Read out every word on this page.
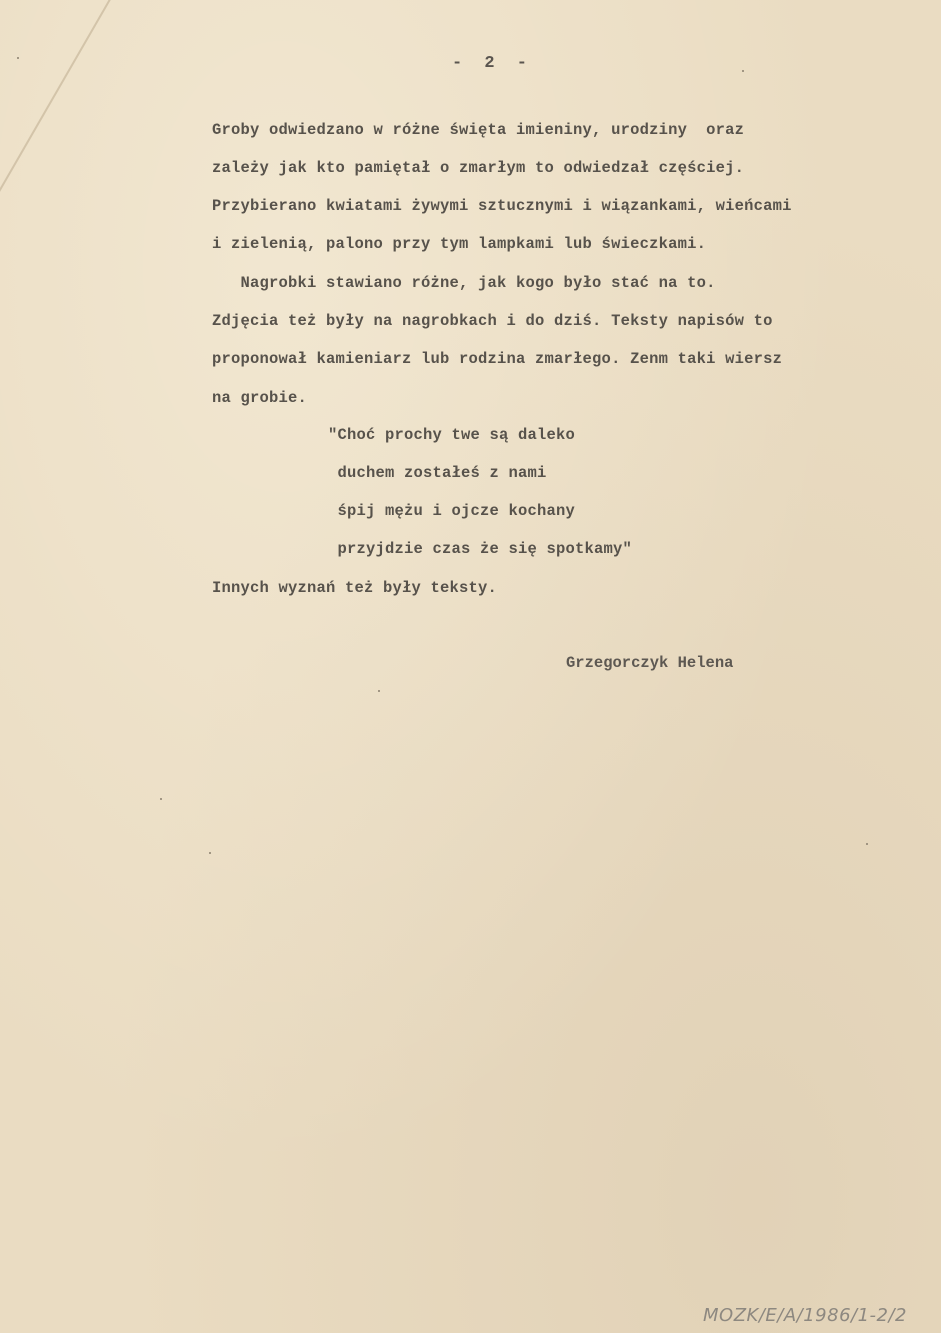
- 2 -
Groby odwiedzano w różne święta imieniny, urodziny  oraz
zależy jak kto pamiętał o zmarłym to odwiedzał częściej.
Przybierano kwiatami żywymi sztucznymi i wiązankami, wieńcami
i zielenią, palono przy tym lampkami lub świeczkami.
Nagrobki stawiano różne, jak kogo było stać na to.
Zdjęcia też były na nagrobkach i do dziś. Teksty napisów to
proponował kamieniarz lub rodzina zmarłego. Zenm taki wiersz
na grobie.
"Choć prochy twe są daleko
duchem zostałeś z nami
śpij mężu i ojcze kochany
przyjdzie czas że się spotkamy"
Innych wyznań też były teksty.
Grzegorczyk Helena
MOZK/E/A/1986/1-2/2
